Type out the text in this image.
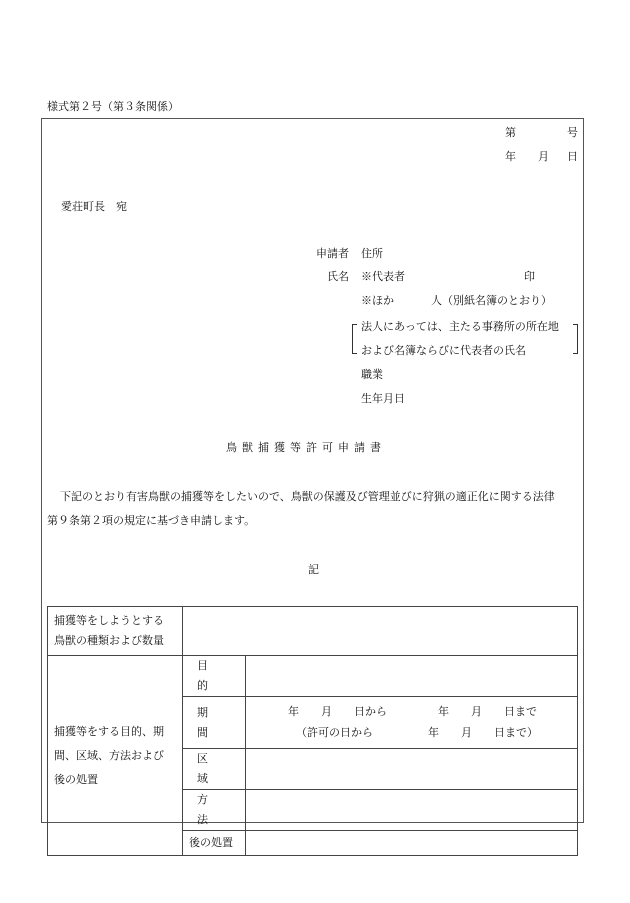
様式第２号（第３条関係）
第	号
年 月 日
愛荘町長　宛
申請者 住所
氏名 ※代表者	印
※ほか	人（別紙名簿のとおり）
法人にあっては、主たる事務所の所在地
および名簿ならびに代表者の氏名
職業
生年月日
鳥獣捕獲等許可申請書
下記のとおり有害鳥獣の捕獲等をしたいので、鳥獣の保護及び管理並びに狩猟の適正化に関する法律
第９条第２項の規定に基づき申請します。
記
捕獲等をしようとする
鳥獣の種類および数量		

捕獲等をする目的、期
間、区域、方法および
後の処置	目的	
	期間	年　　月　　日から 年　　月　　日まで
（許可の日から　　　　　年　　月　　日まで）

	区域	
	方法	
	後の処置	
